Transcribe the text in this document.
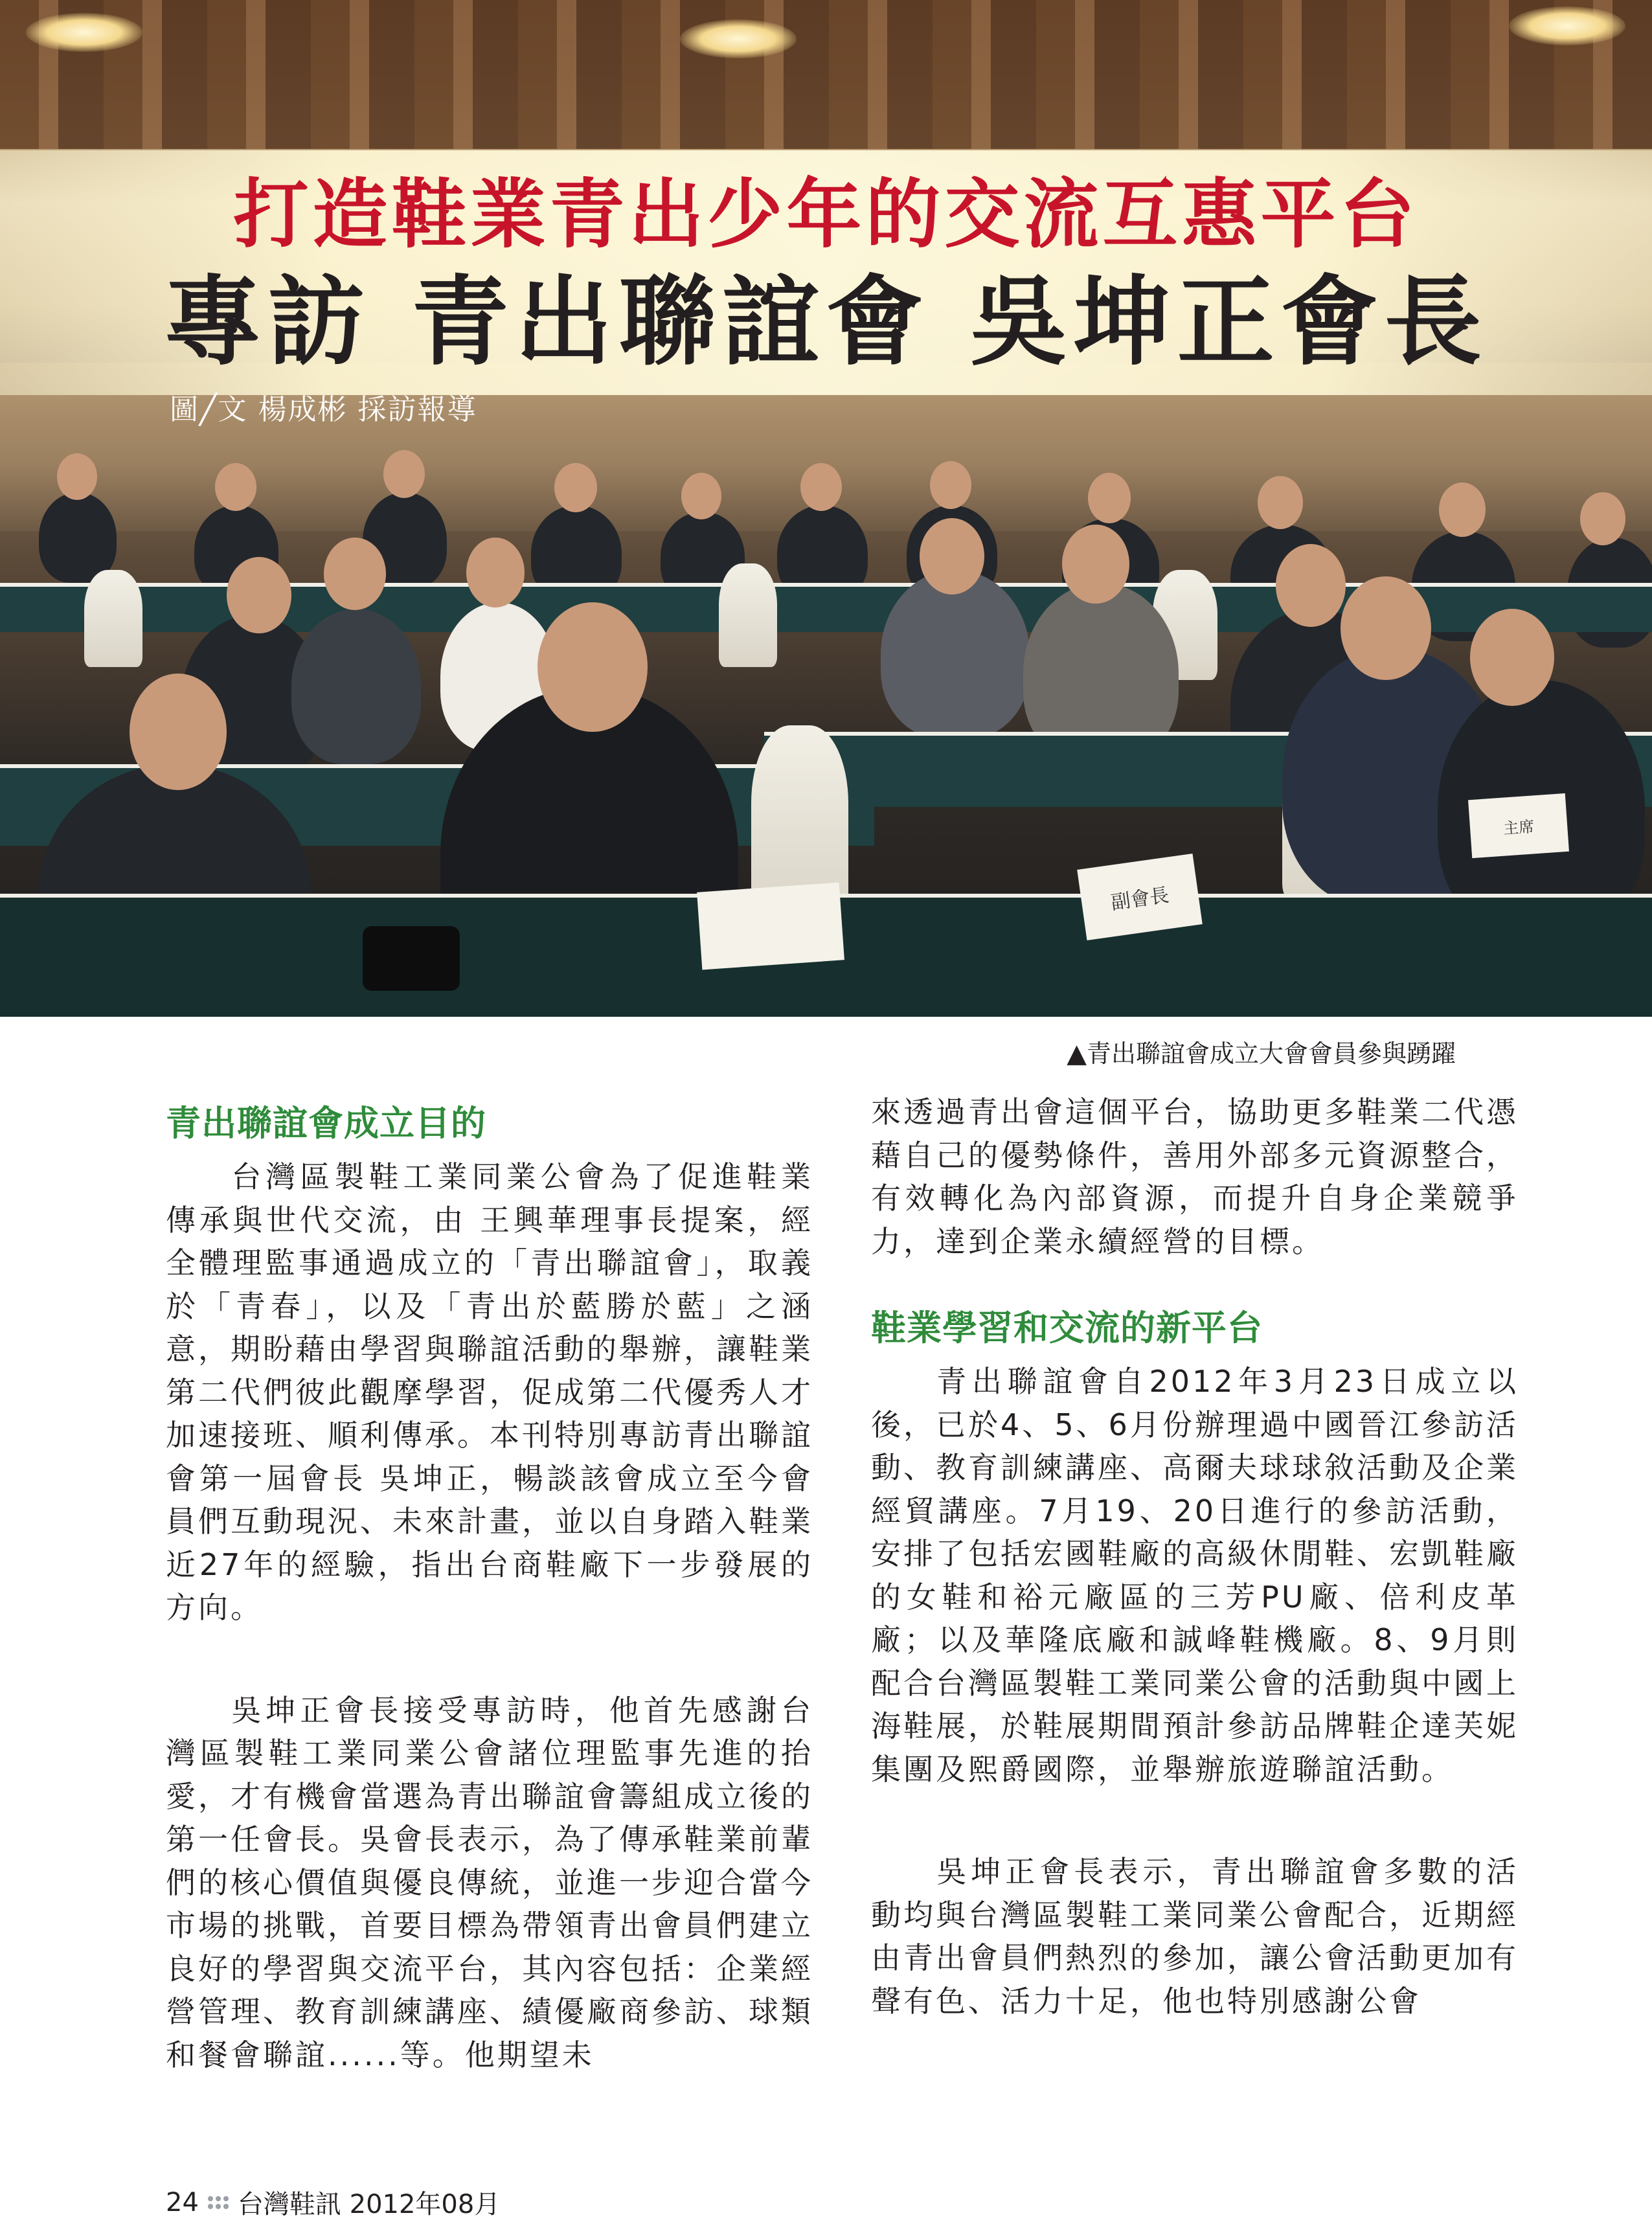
副會長
主席
打造鞋業青出少年的交流互惠平台
專訪 青出聯誼會 吳坤正會長
圖╱文 楊成彬 採訪報導
▲青出聯誼會成立大會會員參與踴躍
青出聯誼會成立目的

台灣區製鞋工業同業公會為了促進鞋業傳承與世代交流，由 王興華理事長提案，經全體理監事通過成立的「青出聯誼會」，取義於「青春」，以及「青出於藍勝於藍」之涵意，期盼藉由學習與聯誼活動的舉辦，讓鞋業第二代們彼此觀摩學習，促成第二代優秀人才加速接班、順利傳承。本刊特別專訪青出聯誼會第一屆會長 吳坤正，暢談該會成立至今會員們互動現況、未來計畫，並以自身踏入鞋業近27年的經驗，指出台商鞋廠下一步發展的方向。

吳坤正會長接受專訪時，他首先感謝台灣區製鞋工業同業公會諸位理監事先進的抬愛，才有機會當選為青出聯誼會籌組成立後的第一任會長。吳會長表示，為了傳承鞋業前輩們的核心價值與優良傳統，並進一步迎合當今市場的挑戰，首要目標為帶領青出會員們建立良好的學習與交流平台，其內容包括：企業經營管理、教育訓練講座、績優廠商參訪、球類和餐會聯誼......等。他期望未

來透過青出會這個平台，協助更多鞋業二代憑藉自己的優勢條件，善用外部多元資源整合，有效轉化為內部資源，而提升自身企業競爭力，達到企業永續經營的目標。

鞋業學習和交流的新平台

青出聯誼會自2012年3月23日成立以後，已於4、5、6月份辦理過中國晉江參訪活動、教育訓練講座、高爾夫球球敘活動及企業經貿講座。7月19、20日進行的參訪活動，安排了包括宏國鞋廠的高級休閒鞋、宏凱鞋廠的女鞋和裕元廠區的三芳PU廠、倍利皮革廠；以及華隆底廠和誠峰鞋機廠。8、9月則配合台灣區製鞋工業同業公會的活動與中國上海鞋展，於鞋展期間預計參訪品牌鞋企達芙妮集團及熙爵國際，並舉辦旅遊聯誼活動。

吳坤正會長表示，青出聯誼會多數的活動均與台灣區製鞋工業同業公會配合，近期經由青出會員們熱烈的參加，讓公會活動更加有聲有色、活力十足，他也特別感謝公會

24 台灣鞋訊 2012年08月
